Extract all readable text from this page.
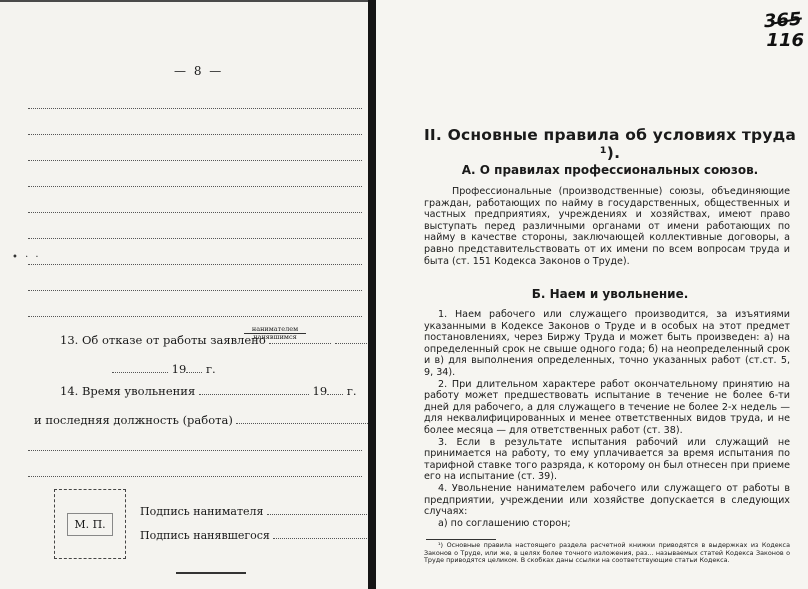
— 8 —
• · ·
13. Об отказе от работы заявлено
нанимателем
нанявшимся
19 г.
14. Время увольнения	19 г.
и последняя должность (работа)
М. П.
Подпись нанимателя
Подпись нанявшегося
365
116
II. Основные правила об условиях труда ¹).
А. О правилах профессиональных союзов.

Профессиональные (производственные) союзы, объединяющие граждан, работающих по найму в государственных, общественных и частных предприятиях, учреждениях и хозяйствах, имеют право выступать перед различными органами от имени работающих по найму в качестве стороны, заключающей коллективные договоры, а равно представительствовать от их имени по всем вопросам труда и быта (ст. 151 Кодекса Законов о Труде).

Б. Наем и увольнение.

1. Наем рабочего или служащего производится, за изъятиями указанными в Кодексе Законов о Труде и в особых на этот предмет постановлениях, через Биржу Труда и может быть произведен: а) на определенный срок не свыше одного года; б) на неопределенный срок и в) для выполнения определенных, точно указанных работ (ст.ст. 5, 9, 34).

2. При длительном характере работ окончательному принятию на работу может предшествовать испытание в течение не более 6-ти дней для рабочего, а для служащего в течение не более 2-х недель — для неквалифицированных и менее ответственных видов труда, и не более месяца — для ответственных работ (ст. 38).

3. Если в результате испытания рабочий или служащий не принимается на работу, то ему уплачивается за время испытания по тарифной ставке того разряда, к которому он был отнесен при приеме его на испытание (ст. 39).

4. Увольнение нанимателем рабочего или служащего от работы в предприятии, учреждении или хозяйстве допускается в следующих случаях:

а) по соглашению сторон;

¹) Основные правила настоящего раздела расчетной книжки приводятся в выдержках из Кодекса Законов о Труде, или же, в целях более точного изложения, раз... называемых статей Кодекса Законов о Труде приводятся целиком. В скобках даны ссылки на соответствующие статьи Кодекса.
